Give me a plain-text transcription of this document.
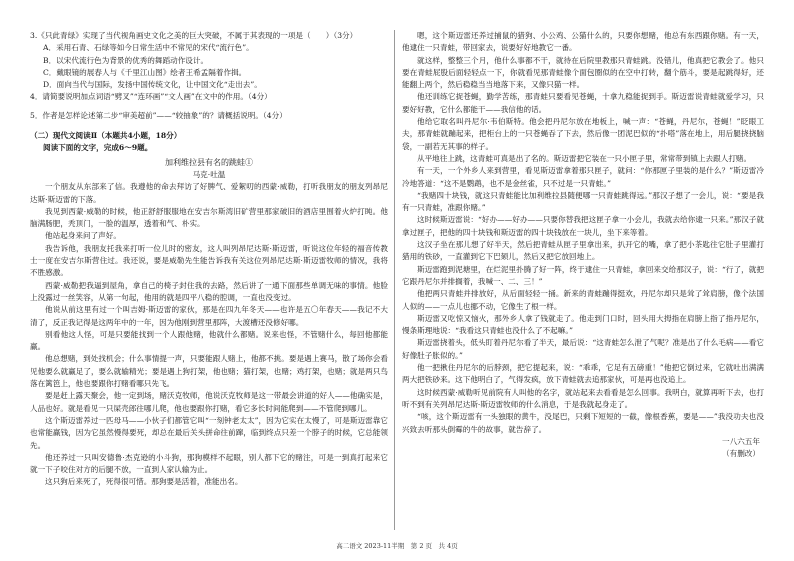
3.《只此青绿》实现了当代视角画史文化之美的巨大突破，不属于其表现的一项是（　　）（3分）

A．采用石青、石绿等如今日常生活中不常见的宋代“流行色”。

B．以宋代流行色为背景的优秀的舞蹈动作设计。

C．戴眼镜的展春人与《千里江山图》绘者王希孟隔着作揖。

D．面向当代与国际，发扬中国传统文化，让中国文化“走出去”。

4．请简要说明加点词语“劈叉”“连环画”“文人画”在文中的作用。（4分）

5．作者是怎样论述第二步“审美超前”——“较抽象”的？请概括说明。（4分）

（二）现代文阅读Ⅱ（本题共4小题，18分）

阅读下面的文字，完成6～9题。

加利维拉县有名的跳蛙①

马克·吐温

一个朋友从东部来了信。我遵他的命去拜访了好脾气、爱絮叨的西蒙·威勒，打听我朋友的朋友列昂尼达斯·斯迈雷的下落。

我见到西蒙·威勒的时候，他正舒舒服服地在安吉尔斯湾旧矿营里那家破旧的酒店里围着火炉打盹。他脑满肠肥，秃顶门，一脸的温厚，透着和气、朴实。

他站起身来问了声好。

我告诉他，我朋友托我来打听一位儿时的密友，这人叫列昂尼达斯·斯迈雷，听说这位年轻的福音传教士一度在安吉尔斯营住过。我还说，要是威勒先生能告诉我有关这位列昂尼达斯·斯迈雷牧师的情况，我将不胜感激。

西蒙·威勒把我逼到屋角，拿自己的椅子封住我的去路，然后讲了一通下面那些单调无味的事情。他脸上没露过一丝笑容，从第一句起，他用的就是四平八稳的腔调，一直也没变过。

他说从前这里有过一个叫吉姆·斯迈雷的家伙，那是在四九年冬天——也许是五〇年春天——我记不大清了，反正我记得是这两年中的一年，因为他刚到营里那阵，大渡槽还没修好哪。

别看他这人怪，可是只要能找到一个人跟他赌，他就什么都赌。说来也怪，不管赌什么，每回他都能赢。

他总想赌，到处找机会；什么事情提一声，只要能跟人赌上，他都不挑。要是遇上赛马，散了场你会看见他要么就赢足了，要么就输精光；要是遇上狗打架，他也赌；猫打架，也赌；鸡打架，也赌；就是两只鸟落在篱笆上，他也要跟你打赌看哪只先飞。

要是赶上露天聚会，他一定到场，赌沃克牧师，他说沃克牧师是这一带最会讲道的好人——他确实是，人品也好。就是看见一只屎壳郎往哪儿爬，他也要跟你打赌，看它多长时间能爬到——不管爬到哪儿。

这个斯迈雷养过一匹母马——小伙子们都管它叫“一刻钟老太太”，因为它实在太慢了，可是斯迈雷靠它也常能赢钱，因为它虽然慢得要死，却总在最后关头拼命往前蹿，临到终点只差一个脖子的时候，它总能领先。

他还养过一只叫安德鲁·杰克逊的小斗狗，那狗模样不起眼，别人都下它的赌注，可是一到真打起来它就一下子咬住对方的后腿不放，一直到人家认输为止。

这只狗后来死了，死得很可惜。那狗要是活着，准能出名。

嗯，这个斯迈雷还养过捕鼠的猎狗、小公鸡、公猫什么的，只要你想赌，他总有东西跟你赌。有一天，他逮住一只青蛙，带回家去，说要好好地教它一番。

就这样，整整三个月，他什么事都不干，就待在后院里教那只青蛙跳。没错儿，他真把它教会了。他只要在青蛙屁股后面轻轻点一下，你就看见那青蛙像个面包圈似的在空中打转，翻个筋斗，要是起跳得好，还能翻上两个，然后稳稳当当地落下来，又像只猫一样。

他还训练它捉苍蝇，勤学苦练，那青蛙只要看见苍蝇，十拿九稳能捉到手。斯迈雷说青蛙就爱学习，只要好好教，它什么都能干——我信他的话。

他给它取名叫丹尼尔·韦伯斯特。他会把丹尼尔放在地板上，喊一声：“苍蝇，丹尼尔，苍蝇！”眨眼工夫，那青蛙就蹦起来，把柜台上的一只苍蝇吞了下去，然后像一团泥巴似的“扑嗒”落在地上，用后腿挠挠脑袋，一副若无其事的样子。

从平地往上跳，这青蛙可真是出了名的。斯迈雷把它装在一只小匣子里，常常带到镇上去跟人打赌。

有一天，一个外乡人来到营里，看见斯迈雷拿着那只匣子，就问：“你那匣子里装的是什么？”斯迈雷冷冷地答道：“这不是鹦鹉，也不是金丝雀，只不过是一只青蛙。”

“我赌四十块钱，就这只青蛙能比加利维拉县随便哪一只青蛙跳得远。”那汉子想了一会儿，说：“要是我有一只青蛙，准跟你赌。”

这时候斯迈雷说：“好办——好办——只要你替我把这匣子拿一小会儿，我就去给你逮一只来。”那汉子就拿过匣子，把他的四十块钱和斯迈雷的四十块钱放在一块儿，坐下来等着。

这汉子坐在那儿想了好半天，然后把青蛙从匣子里拿出来，扒开它的嘴，拿了把小茶匙往它肚子里灌打猎用的铁砂，一直灌到它下巴颏儿，然后又把它放回地上。

斯迈雷跑到泥塘里，在烂泥里扑腾了好一阵，终于逮住一只青蛙，拿回来交给那汉子，说：“行了，就把它跟丹尼尔并排搁着，我喊一、二、三！”

他把两只青蛙并排放好，从后面轻轻一捅。新来的青蛙蹦得挺欢，丹尼尔却只是耸了耸肩膀，像个法国人似的——一点儿也挪不动，它像生了根一样。

斯迈雷又吃惊又恼火，那外乡人拿了钱就走了。他走到门口时，回头用大拇指在肩膀上指了指丹尼尔，慢条斯理地说：“我看这只青蛙也没什么了不起嘛。”

斯迈雷挠着头，低头盯着丹尼尔看了半天，最后说：“这青蛙怎么泄了气呢？准是出了什么毛病——看它好像肚子胀似的。”

他一把揪住丹尼尔的后脖颈，把它提起来，说：“乖乖，它足有五磅重！”他把它倒过来，它就吐出满满两大把铁砂来。这下他明白了，气得发疯，放下青蛙就去追那家伙，可是再也没追上。

这时候西蒙·威勒听见前院有人叫他的名字，就站起来去看看是怎么回事。我明白，就算再听下去，也打听不到有关列昂尼达斯·斯迈雷牧师的什么消息，于是我就起身走了。

“咳，这个斯迈雷有一头独眼的黄牛，没尾巴，只剩下短短的一截，像根香蕉，要是——”我没功夫也没兴致去听那头倒霉的牛的故事，就告辞了。

一八六五年

（有删改）

高二语文 2023-11半期　第 2 页　共 4页
